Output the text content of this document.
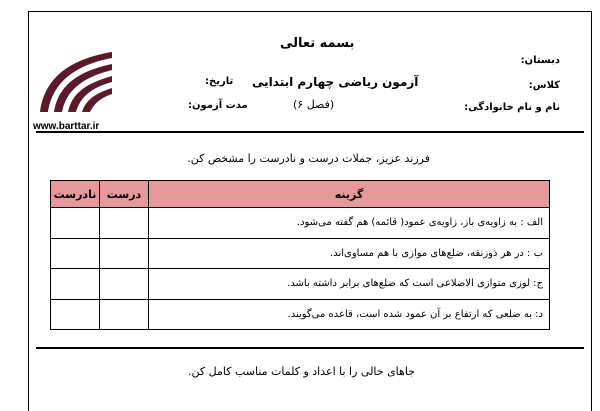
بسمه تعالی
آزمون ریاضی چهارم ابتدایی
(فصل ۶)
دبستان:
کلاس:
نام و نام خانوادگی:
تاریخ:
مدت آزمون:
www.barttar.ir
فرزند عزیز، جملات درست و نادرست را مشخص کن.
گزینه	درست	نادرست
الف : به زاویه‌ی باز، زاویه‌ی عمود( قائمه) هم گفته می‌شود.		
ب : در هر ذوزنقه، ضلع‌های موازی با هم مساوی‌اند.		
ج: لوزی متوازی الاضلاعی است که ضلع‌های برابر داشته باشد.		
د: به ضلعی که ارتفاع بر آن عمود شده است، قاعده می‌گویند.		
جاهای خالی را با اعداد و کلمات مناسب کامل کن.
